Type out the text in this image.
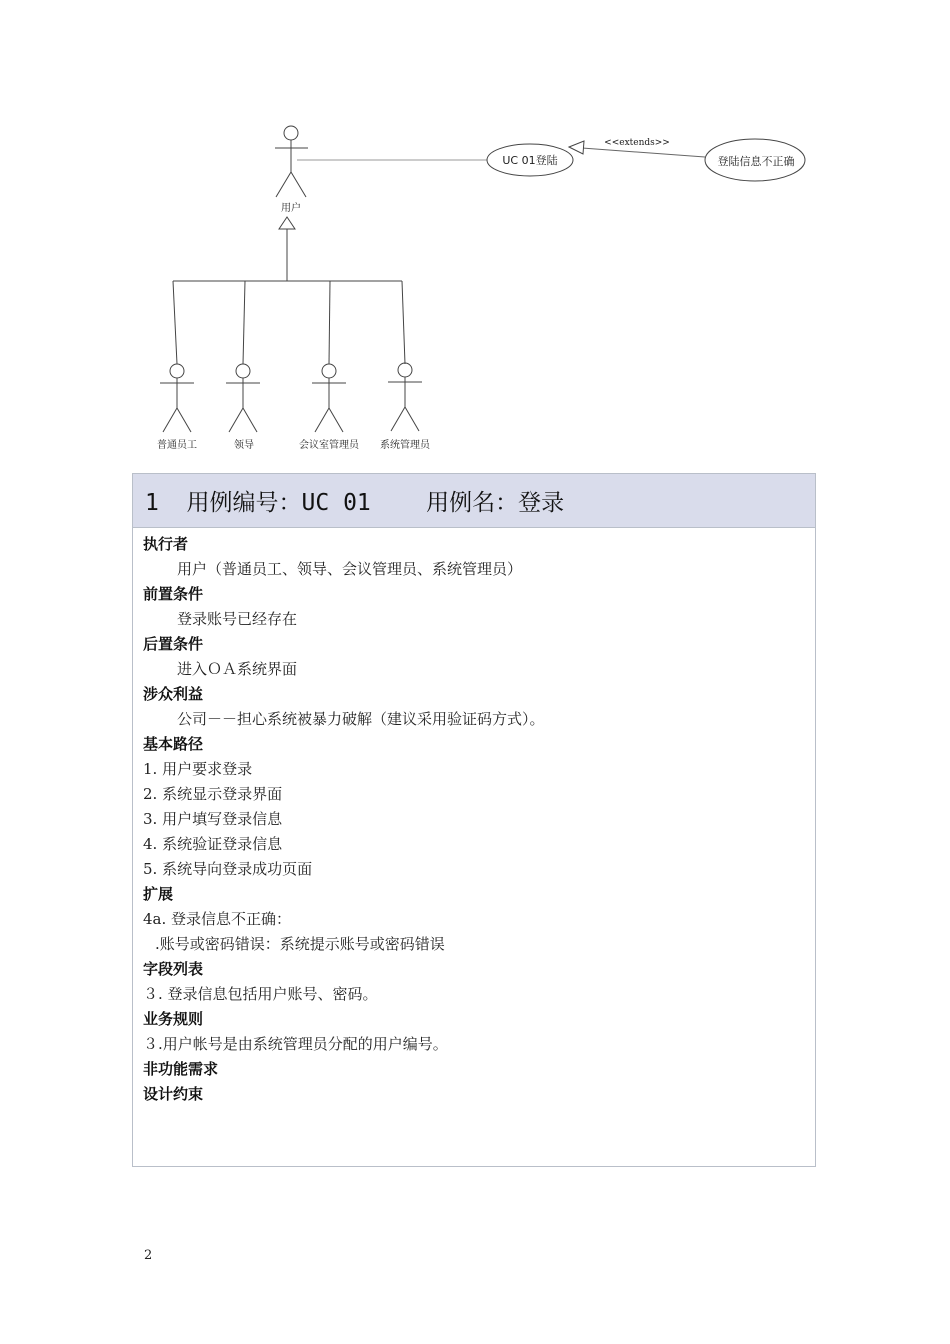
用户
UC 01登陆	登陆信息不正确
<<extends>>
普通员工	领导	会议室管理员 系统管理员
1  用例编号：UC 01    用例名：登录
执行者
用户（普通员工、领导、会议管理员、系统管理员）
前置条件
登录账号已经存在
后置条件
进入ＯＡ系统界面
涉众利益
公司－－担心系统被暴力破解（建议采用验证码方式）。
基本路径
1. 用户要求登录
2. 系统显示登录界面
3. 用户填写登录信息
4. 系统验证登录信息
5. 系统导向登录成功页面
扩展
4a. 登录信息不正确：
.账号或密码错误：系统提示账号或密码错误
字段列表
３. 登录信息包括用户账号、密码。
业务规则
３.用户帐号是由系统管理员分配的用户编号。
非功能需求
设计约束
2
